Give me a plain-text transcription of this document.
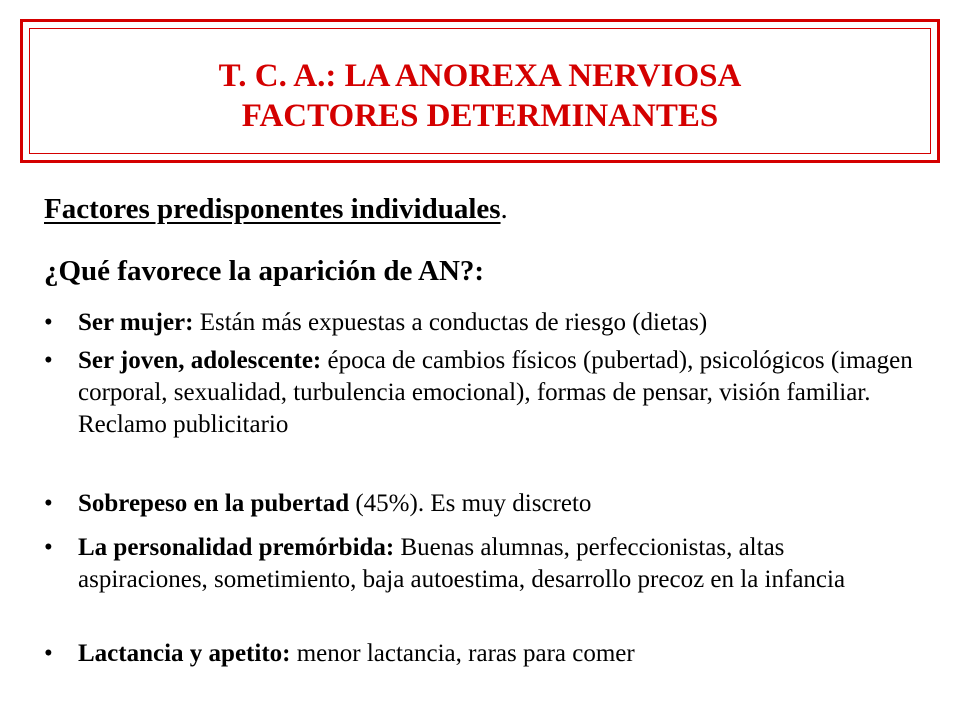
T. C. A.: LA ANOREXA NERVIOSA
FACTORES DETERMINANTES
Factores predisponentes individuales.
¿Qué favorece la aparición de AN?:
•	Ser mujer: Están más expuestas a conductas de riesgo (dietas)
•	Ser joven, adolescente: época de cambios físicos (pubertad), psicológicos (imagen corporal, sexualidad, turbulencia emocional), formas de pensar, visión familiar. Reclamo publicitario
•	Sobrepeso en la pubertad (45%). Es muy discreto
•	La personalidad premórbida: Buenas alumnas, perfeccionistas, altas aspiraciones, sometimiento, baja autoestima, desarrollo precoz en la infancia
•	Lactancia y apetito: menor lactancia, raras para comer
